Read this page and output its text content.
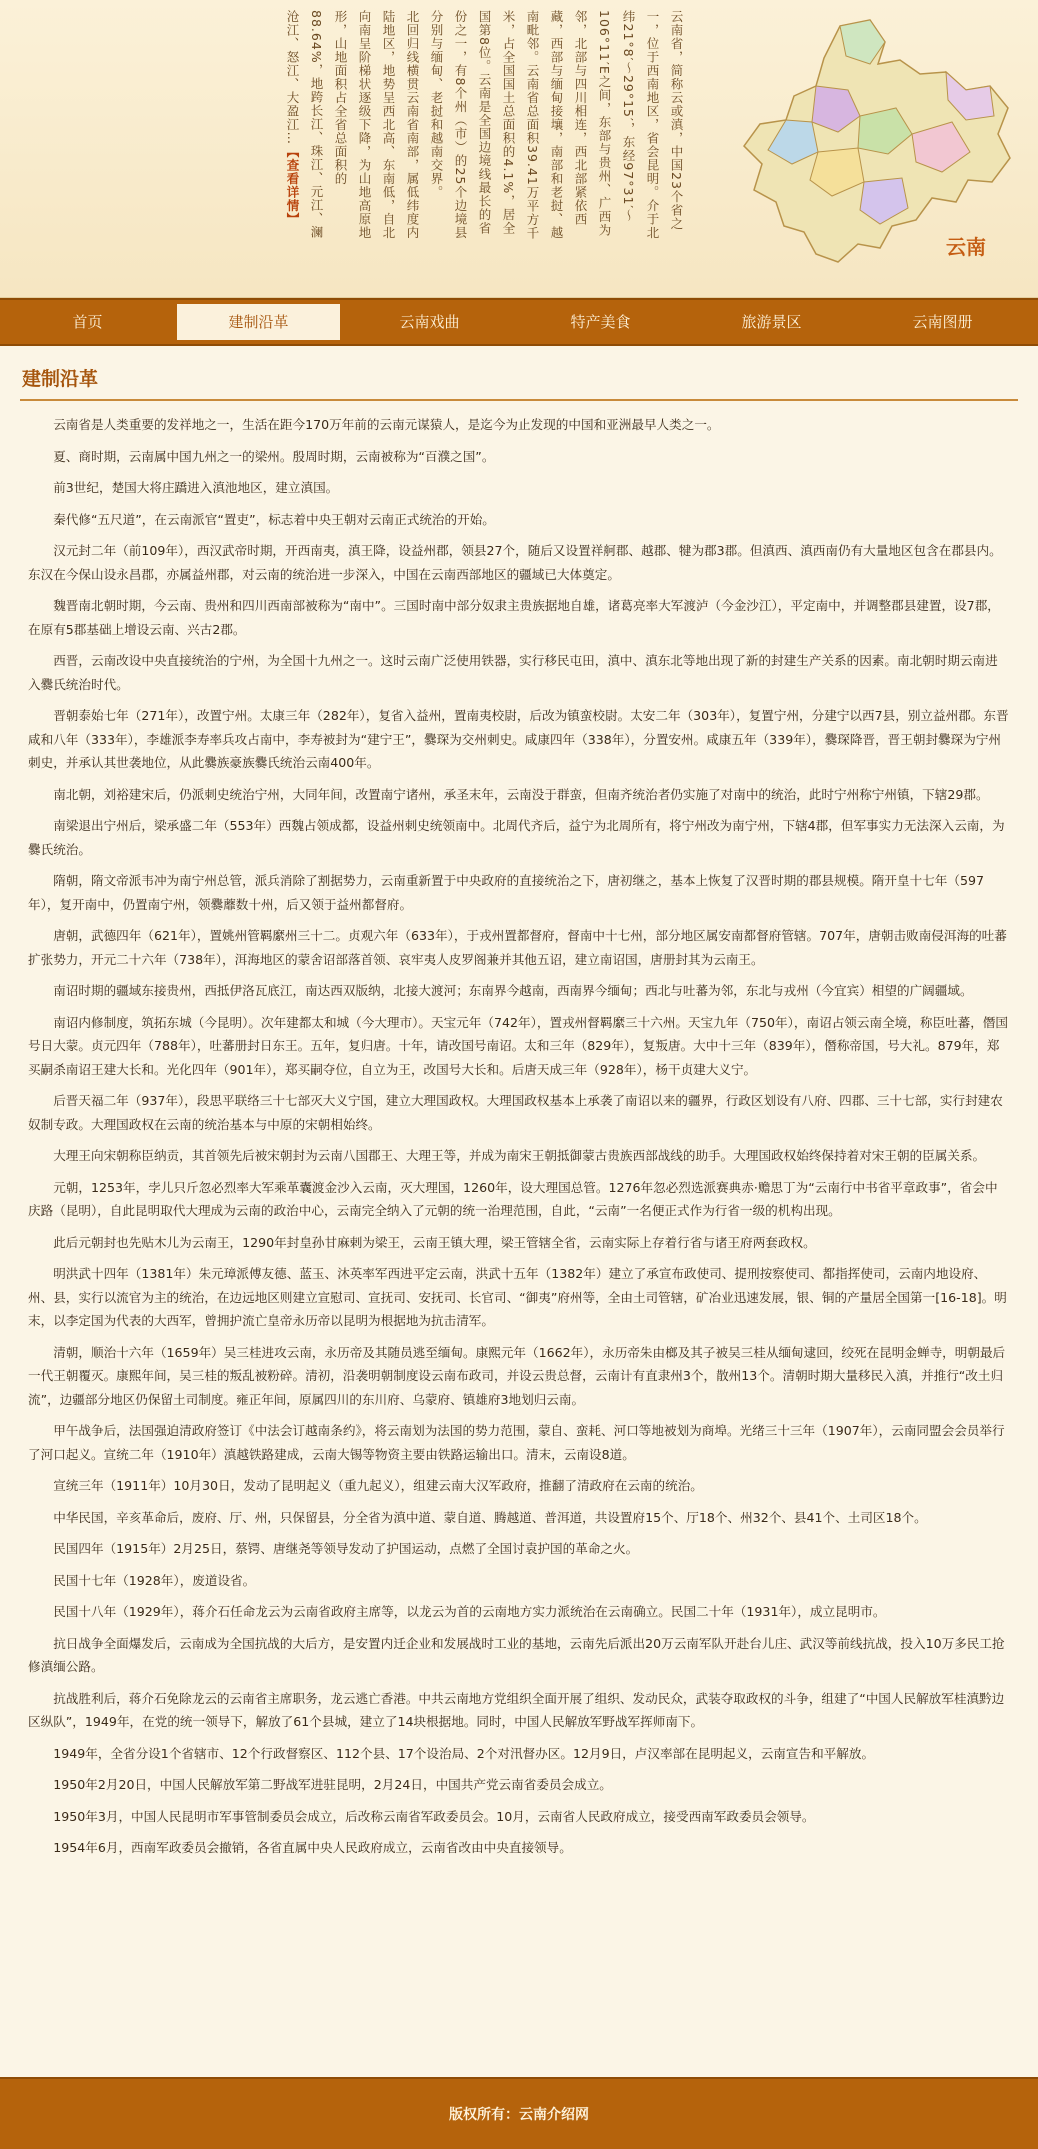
云南省，简称云或滇，中国23个省之
一，位于西南地区，省会昆明。介于北
纬21°8′～29°15′，东经97°31′～
106°11′E之间，东部与贵州、广西为
邻，北部与四川相连，西北部紧依西
藏，西部与缅甸接壤，南部和老挝、越
南毗邻。云南省总面积39.41万平方千
米，占全国国土总面积的4.1%，居全
国第8位。云南是全国边境线最长的省
份之一，有8个州（市）的25个边境县
分别与缅甸、老挝和越南交界。
北回归线横贯云南省南部，属低纬度内
陆地区，地势呈西北高、东南低，自北
向南呈阶梯状逐级下降，为山地高原地
形，山地面积占全省总面积的
88.64%，地跨长江、珠江、元江、澜
沧江、怒江、大盈江…【查看详情】
云南
首页	建制沿革	云南戏曲	特产美食	旅游景区	云南图册
建制沿革

云南省是人类重要的发祥地之一，生活在距今170万年前的云南元谋猿人，是迄今为止发现的中国和亚洲最早人类之一。

夏、商时期，云南属中国九州之一的梁州。殷周时期，云南被称为“百濮之国”。

前3世纪，楚国大将庄蹻进入滇池地区，建立滇国。

秦代修“五尺道”，在云南派官“置吏”，标志着中央王朝对云南正式统治的开始。

汉元封二年（前109年），西汉武帝时期，开西南夷，滇王降，设益州郡，领县27个，随后又设置祥舸郡、越郡、犍为郡3郡。但滇西、滇西南仍有大量地区包含在郡县内。东汉在今保山设永昌郡，亦属益州郡，对云南的统治进一步深入，中国在云南西部地区的疆域已大体奠定。

魏晋南北朝时期，今云南、贵州和四川西南部被称为“南中”。三国时南中部分奴隶主贵族据地自雄，诸葛亮率大军渡泸（今金沙江），平定南中，并调整郡县建置，设7郡，在原有5郡基础上增设云南、兴古2郡。

西晋，云南改设中央直接统治的宁州，为全国十九州之一。这时云南广泛使用铁器，实行移民屯田，滇中、滇东北等地出现了新的封建生产关系的因素。南北朝时期云南进入爨氏统治时代。

晋朝泰始七年（271年），改置宁州。太康三年（282年），复省入益州，置南夷校尉，后改为镇蛮校尉。太安二年（303年），复置宁州，分建宁以西7县，别立益州郡。东晋咸和八年（333年），李雄派李寿率兵攻占南中，李寿被封为“建宁王”，爨琛为交州刺史。咸康四年（338年），分置安州。咸康五年（339年），爨琛降晋，晋王朝封爨琛为宁州刺史，并承认其世袭地位，从此爨族豪族爨氏统治云南400年。

南北朝，刘裕建宋后，仍派刺史统治宁州，大同年间，改置南宁诸州，承圣末年，云南没于群蛮，但南齐统治者仍实施了对南中的统治，此时宁州称宁州镇，下辖29郡。

南梁退出宁州后，梁承盛二年（553年）西魏占领成都，设益州刺史统领南中。北周代齐后，益宁为北周所有，将宁州改为南宁州，下辖4郡，但军事实力无法深入云南，为爨氏统治。

隋朝，隋文帝派韦冲为南宁州总管，派兵消除了割据势力，云南重新置于中央政府的直接统治之下，唐初继之，基本上恢复了汉晋时期的郡县规模。隋开皇十七年（597年），复开南中，仍置南宁州，领爨蘼数十州，后又领于益州都督府。

唐朝，武德四年（621年），置姚州管羁縻州三十二。贞观六年（633年），于戎州置都督府，督南中十七州，部分地区属安南都督府管辖。707年，唐朝击败南侵洱海的吐蕃扩张势力，开元二十六年（738年），洱海地区的蒙舍诏部落首领、哀牢夷人皮罗阁兼并其他五诏，建立南诏国，唐册封其为云南王。

南诏时期的疆域东接贵州，西抵伊洛瓦底江，南达西双版纳，北接大渡河；东南界今越南，西南界今缅甸；西北与吐蕃为邻，东北与戎州（今宜宾）相望的广阔疆域。

南诏内修制度，筑拓东城（今昆明）。次年建都太和城（今大理市）。天宝元年（742年），置戎州督羁縻三十六州。天宝九年（750年），南诏占领云南全境，称臣吐蕃，僭国号日大蒙。贞元四年（788年），吐蕃册封日东王。五年，复归唐。十年，请改国号南诏。太和三年（829年），复叛唐。大中十三年（839年），僭称帝国，号大礼。879年，郑买嗣杀南诏王建大长和。光化四年（901年），郑买嗣夺位，自立为王，改国号大长和。后唐天成三年（928年），杨干贞建大义宁。

后晋天福二年（937年），段思平联络三十七部灭大义宁国，建立大理国政权。大理国政权基本上承袭了南诏以来的疆界，行政区划设有八府、四郡、三十七部，实行封建农奴制专政。大理国政权在云南的统治基本与中原的宋朝相始终。

大理王向宋朝称臣纳贡，其首领先后被宋朝封为云南八国郡王、大理王等，并成为南宋王朝抵御蒙古贵族西部战线的助手。大理国政权始终保持着对宋王朝的臣属关系。

元朝，1253年，孛儿只斤忽必烈率大军乘革囊渡金沙入云南，灭大理国，1260年，设大理国总管。1276年忽必烈选派赛典赤·赡思丁为“云南行中书省平章政事”，省会中庆路（昆明），自此昆明取代大理成为云南的政治中心，云南完全纳入了元朝的统一治理范围，自此，“云南”一名便正式作为行省一级的机构出现。

此后元朝封也先贴木儿为云南王，1290年封皇孙甘麻剌为梁王，云南王镇大理，梁王管辖全省，云南实际上存着行省与诸王府两套政权。

明洪武十四年（1381年）朱元璋派傅友德、蓝玉、沐英率军西进平定云南，洪武十五年（1382年）建立了承宣布政使司、提刑按察使司、都指挥使司，云南内地设府、州、县，实行以流官为主的统治，在边远地区则建立宣慰司、宣抚司、安抚司、长官司、“御夷”府州等，全由土司管辖，矿冶业迅速发展，银、铜的产量居全国第一[16-18]。明末，以李定国为代表的大西军，曾拥护流亡皇帝永历帝以昆明为根据地为抗击清军。

清朝，顺治十六年（1659年）吴三桂进攻云南，永历帝及其随员逃至缅甸。康熙元年（1662年），永历帝朱由榔及其子被吴三桂从缅甸逮回，绞死在昆明金蝉寺，明朝最后一代王朝覆灭。康熙年间，吴三桂的叛乱被粉碎。清初，沿袭明朝制度设云南布政司，并设云贵总督，云南计有直隶州3个，散州13个。清朝时期大量移民入滇，并推行“改土归流”，边疆部分地区仍保留土司制度。雍正年间，原属四川的东川府、乌蒙府、镇雄府3地划归云南。

甲午战争后，法国强迫清政府签订《中法会订越南条约》，将云南划为法国的势力范围，蒙自、蛮耗、河口等地被划为商埠。光绪三十三年（1907年），云南同盟会会员举行了河口起义。宣统二年（1910年）滇越铁路建成，云南大锡等物资主要由铁路运输出口。清末，云南设8道。

宣统三年（1911年）10月30日，发动了昆明起义（重九起义），组建云南大汉军政府，推翻了清政府在云南的统治。

中华民国，辛亥革命后，废府、厅、州，只保留县，分全省为滇中道、蒙自道、腾越道、普洱道，共设置府15个、厅18个、州32个、县41个、土司区18个。

民国四年（1915年）2月25日，蔡锷、唐继尧等领导发动了护国运动，点燃了全国讨袁护国的革命之火。

民国十七年（1928年），废道设省。

民国十八年（1929年），蒋介石任命龙云为云南省政府主席等，以龙云为首的云南地方实力派统治在云南确立。民国二十年（1931年），成立昆明市。

抗日战争全面爆发后，云南成为全国抗战的大后方，是安置内迁企业和发展战时工业的基地，云南先后派出20万云南军队开赴台儿庄、武汉等前线抗战，投入10万多民工抢修滇缅公路。

抗战胜利后，蒋介石免除龙云的云南省主席职务，龙云逃亡香港。中共云南地方党组织全面开展了组织、发动民众，武装夺取政权的斗争，组建了“中国人民解放军桂滇黔边区纵队”，1949年，在党的统一领导下，解放了61个县城，建立了14块根据地。同时，中国人民解放军野战军挥师南下。

1949年，全省分设1个省辖市、12个行政督察区、112个县、17个设治局、2个对汛督办区。12月9日，卢汉率部在昆明起义，云南宣告和平解放。

1950年2月20日，中国人民解放军第二野战军进驻昆明，2月24日，中国共产党云南省委员会成立。

1950年3月，中国人民昆明市军事管制委员会成立，后改称云南省军政委员会。10月，云南省人民政府成立，接受西南军政委员会领导。

1954年6月，西南军政委员会撤销，各省直属中央人民政府成立，云南省改由中央直接领导。

版权所有：云南介绍网
